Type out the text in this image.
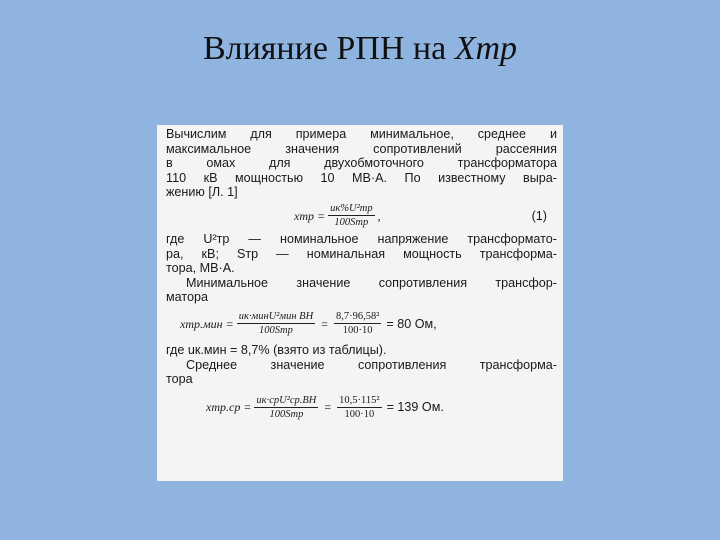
Влияние РПН на Xтр
Вычислим для примера минимальное, среднее и
максимальное значения сопротивлений рассеяния
в омах для двухобмоточного трансформатора
110 кВ мощностью 10 МВ·А. По известному выра-
жению [Л. 1]
xтр = $\frac{\text{uк\%U²тр}}{\text{100Sтр}}$ ,	(1)
где U²тр — номинальное напряжение трансформато-
ра, кВ; Sтр — номинальная мощность трансформа-
тора, МВ·А.
Минимальное значение сопротивления трансфор-
матора
$xтр.мин = \frac{\text{uк·минU²мин ВН}}{\text{100Sтр}} = \frac{\text{8,7·96,58²}}{100\cdot 10} = 80$ Ом,
где uк.мин = 8,7% (взято из таблицы).
Среднее значение сопротивления трансформа-
тора
$xтр.ср = \frac{\text{uк·срU²ср.ВН}}{\text{100Sтр}} = \frac{\text{10,5·115²}}{100\cdot 10} = 139$ Ом.
